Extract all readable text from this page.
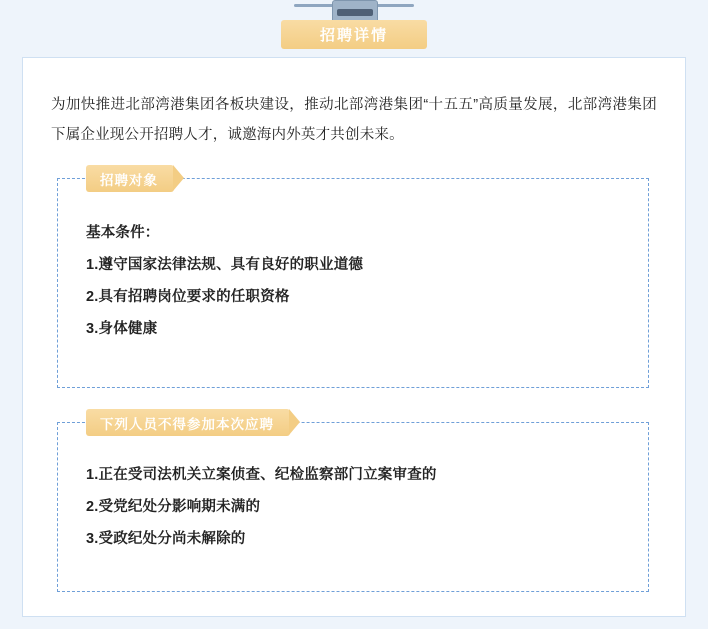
招聘详情
为加快推进北部湾港集团各板块建设，推动北部湾港集团“十五五”高质量发展，北部湾港集团下属企业现公开招聘人才，诚邀海内外英才共创未来。
招聘对象
基本条件：
1.遵守国家法律法规、具有良好的职业道德
2.具有招聘岗位要求的任职资格
3.身体健康
下列人员不得参加本次应聘
1.正在受司法机关立案侦查、纪检监察部门立案审查的
2.受党纪处分影响期未满的
3.受政纪处分尚未解除的
